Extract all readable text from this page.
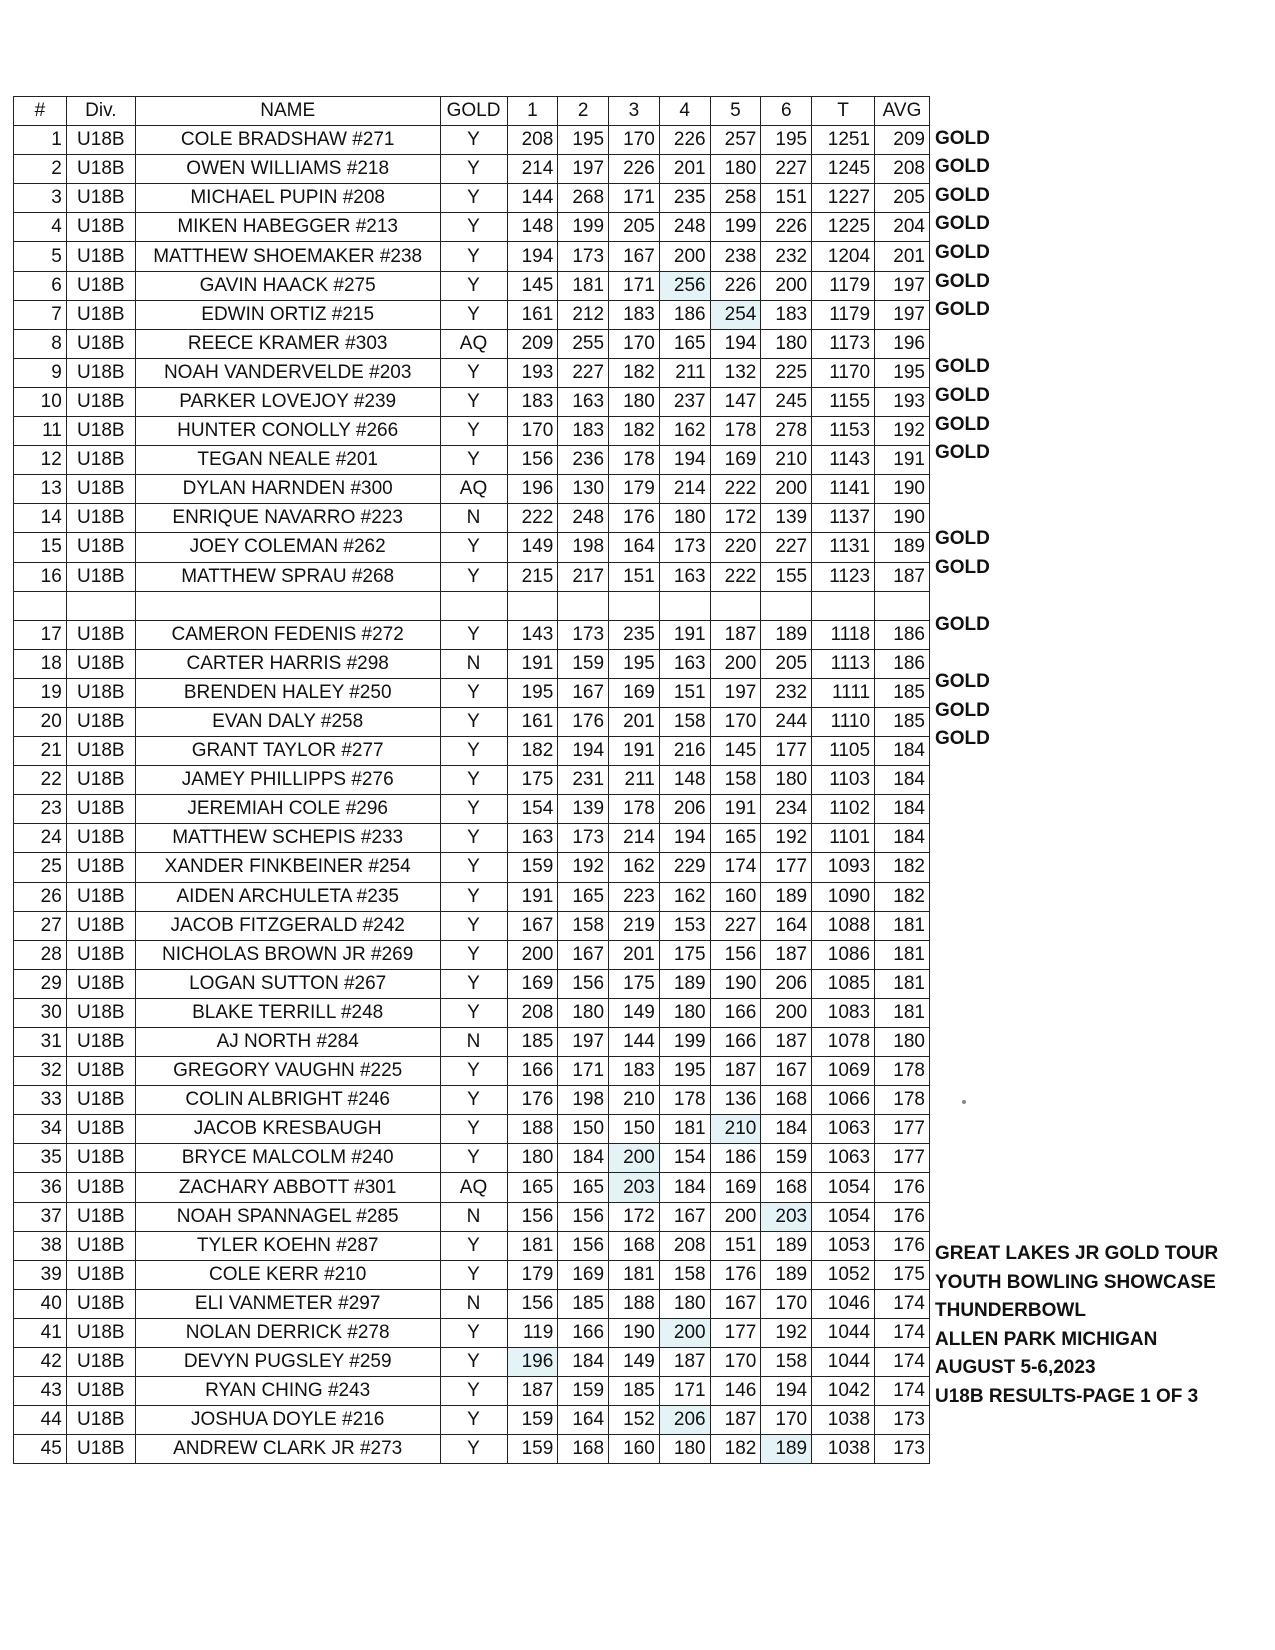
#	Div.	NAME	GOLD	1	2	3	4	5	6	T	AVG
1	U18B	COLE BRADSHAW #271	Y	208	195	170	226	257	195	1251	209
2	U18B	OWEN WILLIAMS #218	Y	214	197	226	201	180	227	1245	208
3	U18B	MICHAEL PUPIN #208	Y	144	268	171	235	258	151	1227	205
4	U18B	MIKEN HABEGGER #213	Y	148	199	205	248	199	226	1225	204
5	U18B	MATTHEW SHOEMAKER #238	Y	194	173	167	200	238	232	1204	201
6	U18B	GAVIN HAACK #275	Y	145	181	171	256	226	200	1179	197
7	U18B	EDWIN ORTIZ #215	Y	161	212	183	186	254	183	1179	197
8	U18B	REECE KRAMER #303	AQ	209	255	170	165	194	180	1173	196
9	U18B	NOAH VANDERVELDE #203	Y	193	227	182	211	132	225	1170	195
10	U18B	PARKER LOVEJOY #239	Y	183	163	180	237	147	245	1155	193
11	U18B	HUNTER CONOLLY #266	Y	170	183	182	162	178	278	1153	192
12	U18B	TEGAN NEALE #201	Y	156	236	178	194	169	210	1143	191
13	U18B	DYLAN HARNDEN #300	AQ	196	130	179	214	222	200	1141	190
14	U18B	ENRIQUE NAVARRO #223	N	222	248	176	180	172	139	1137	190
15	U18B	JOEY COLEMAN #262	Y	149	198	164	173	220	227	1131	189
16	U18B	MATTHEW SPRAU #268	Y	215	217	151	163	222	155	1123	187

17	U18B	CAMERON FEDENIS #272	Y	143	173	235	191	187	189	1118	186
18	U18B	CARTER HARRIS #298	N	191	159	195	163	200	205	1113	186
19	U18B	BRENDEN HALEY #250	Y	195	167	169	151	197	232	1111	185
20	U18B	EVAN DALY #258	Y	161	176	201	158	170	244	1110	185
21	U18B	GRANT TAYLOR #277	Y	182	194	191	216	145	177	1105	184
22	U18B	JAMEY PHILLIPPS #276	Y	175	231	211	148	158	180	1103	184
23	U18B	JEREMIAH COLE #296	Y	154	139	178	206	191	234	1102	184
24	U18B	MATTHEW SCHEPIS #233	Y	163	173	214	194	165	192	1101	184
25	U18B	XANDER FINKBEINER #254	Y	159	192	162	229	174	177	1093	182
26	U18B	AIDEN ARCHULETA #235	Y	191	165	223	162	160	189	1090	182
27	U18B	JACOB FITZGERALD #242	Y	167	158	219	153	227	164	1088	181
28	U18B	NICHOLAS BROWN JR #269	Y	200	167	201	175	156	187	1086	181
29	U18B	LOGAN SUTTON #267	Y	169	156	175	189	190	206	1085	181
30	U18B	BLAKE TERRILL #248	Y	208	180	149	180	166	200	1083	181
31	U18B	AJ NORTH #284	N	185	197	144	199	166	187	1078	180
32	U18B	GREGORY VAUGHN #225	Y	166	171	183	195	187	167	1069	178
33	U18B	COLIN ALBRIGHT #246	Y	176	198	210	178	136	168	1066	178
34	U18B	JACOB KRESBAUGH	Y	188	150	150	181	210	184	1063	177
35	U18B	BRYCE MALCOLM #240	Y	180	184	200	154	186	159	1063	177
36	U18B	ZACHARY ABBOTT #301	AQ	165	165	203	184	169	168	1054	176
37	U18B	NOAH SPANNAGEL #285	N	156	156	172	167	200	203	1054	176
38	U18B	TYLER KOEHN #287	Y	181	156	168	208	151	189	1053	176
39	U18B	COLE KERR #210	Y	179	169	181	158	176	189	1052	175
40	U18B	ELI VANMETER #297	N	156	185	188	180	167	170	1046	174
41	U18B	NOLAN DERRICK #278	Y	119	166	190	200	177	192	1044	174
42	U18B	DEVYN PUGSLEY #259	Y	196	184	149	187	170	158	1044	174
43	U18B	RYAN CHING #243	Y	187	159	185	171	146	194	1042	174
44	U18B	JOSHUA DOYLE #216	Y	159	164	152	206	187	170	1038	173
45	U18B	ANDREW CLARK JR #273	Y	159	168	160	180	182	189	1038	173
GOLD
GOLD
GOLD
GOLD
GOLD
GOLD
GOLD
GOLD
GOLD
GOLD
GOLD
GOLD
GOLD
GOLD
GOLD
GOLD
GOLD
GREAT LAKES JR GOLD TOUR
YOUTH BOWLING SHOWCASE
THUNDERBOWL
ALLEN PARK MICHIGAN
AUGUST 5-6,2023
U18B RESULTS-PAGE 1 OF 3
